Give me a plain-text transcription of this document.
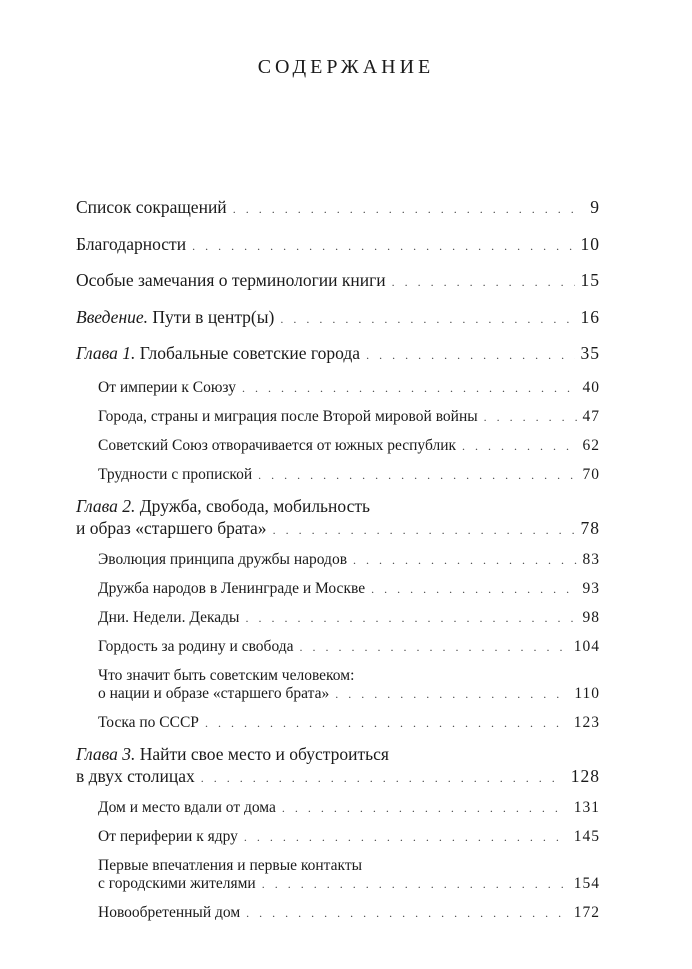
СОДЕРЖАНИЕ
Список сокращений . . .	9
Благодарности . . .	10
Особые замечания о терминологии книги . . .	15
Введение. Пути в центр(ы) . . .	16
Глава 1. Глобальные советские города . . .	35
От империи к Союзу . . .	40
Города, страны и миграция после Второй мировой войны . . .	47
Советский Союз отворачивается от южных республик . . .	62
Трудности с пропиской . . .	70
Глава 2. Дружба, свобода, мобильность
и образ «старшего брата» . . .	78
Эволюция принципа дружбы народов . . .	83
Дружба народов в Ленинграде и Москве . . .	93
Дни. Недели. Декады . . .	98
Гордость за родину и свобода . . .	104
Что значит быть советским человеком:
о нации и образе «старшего брата» . . .	110
Тоска по СССР . . .	123
Глава 3. Найти свое место и обустроиться
в двух столицах . . .	128
Дом и место вдали от дома . . .	131
От периферии к ядру . . .	145
Первые впечатления и первые контакты
с городскими жителями . . .	154
Новообретенный дом . . .	172
